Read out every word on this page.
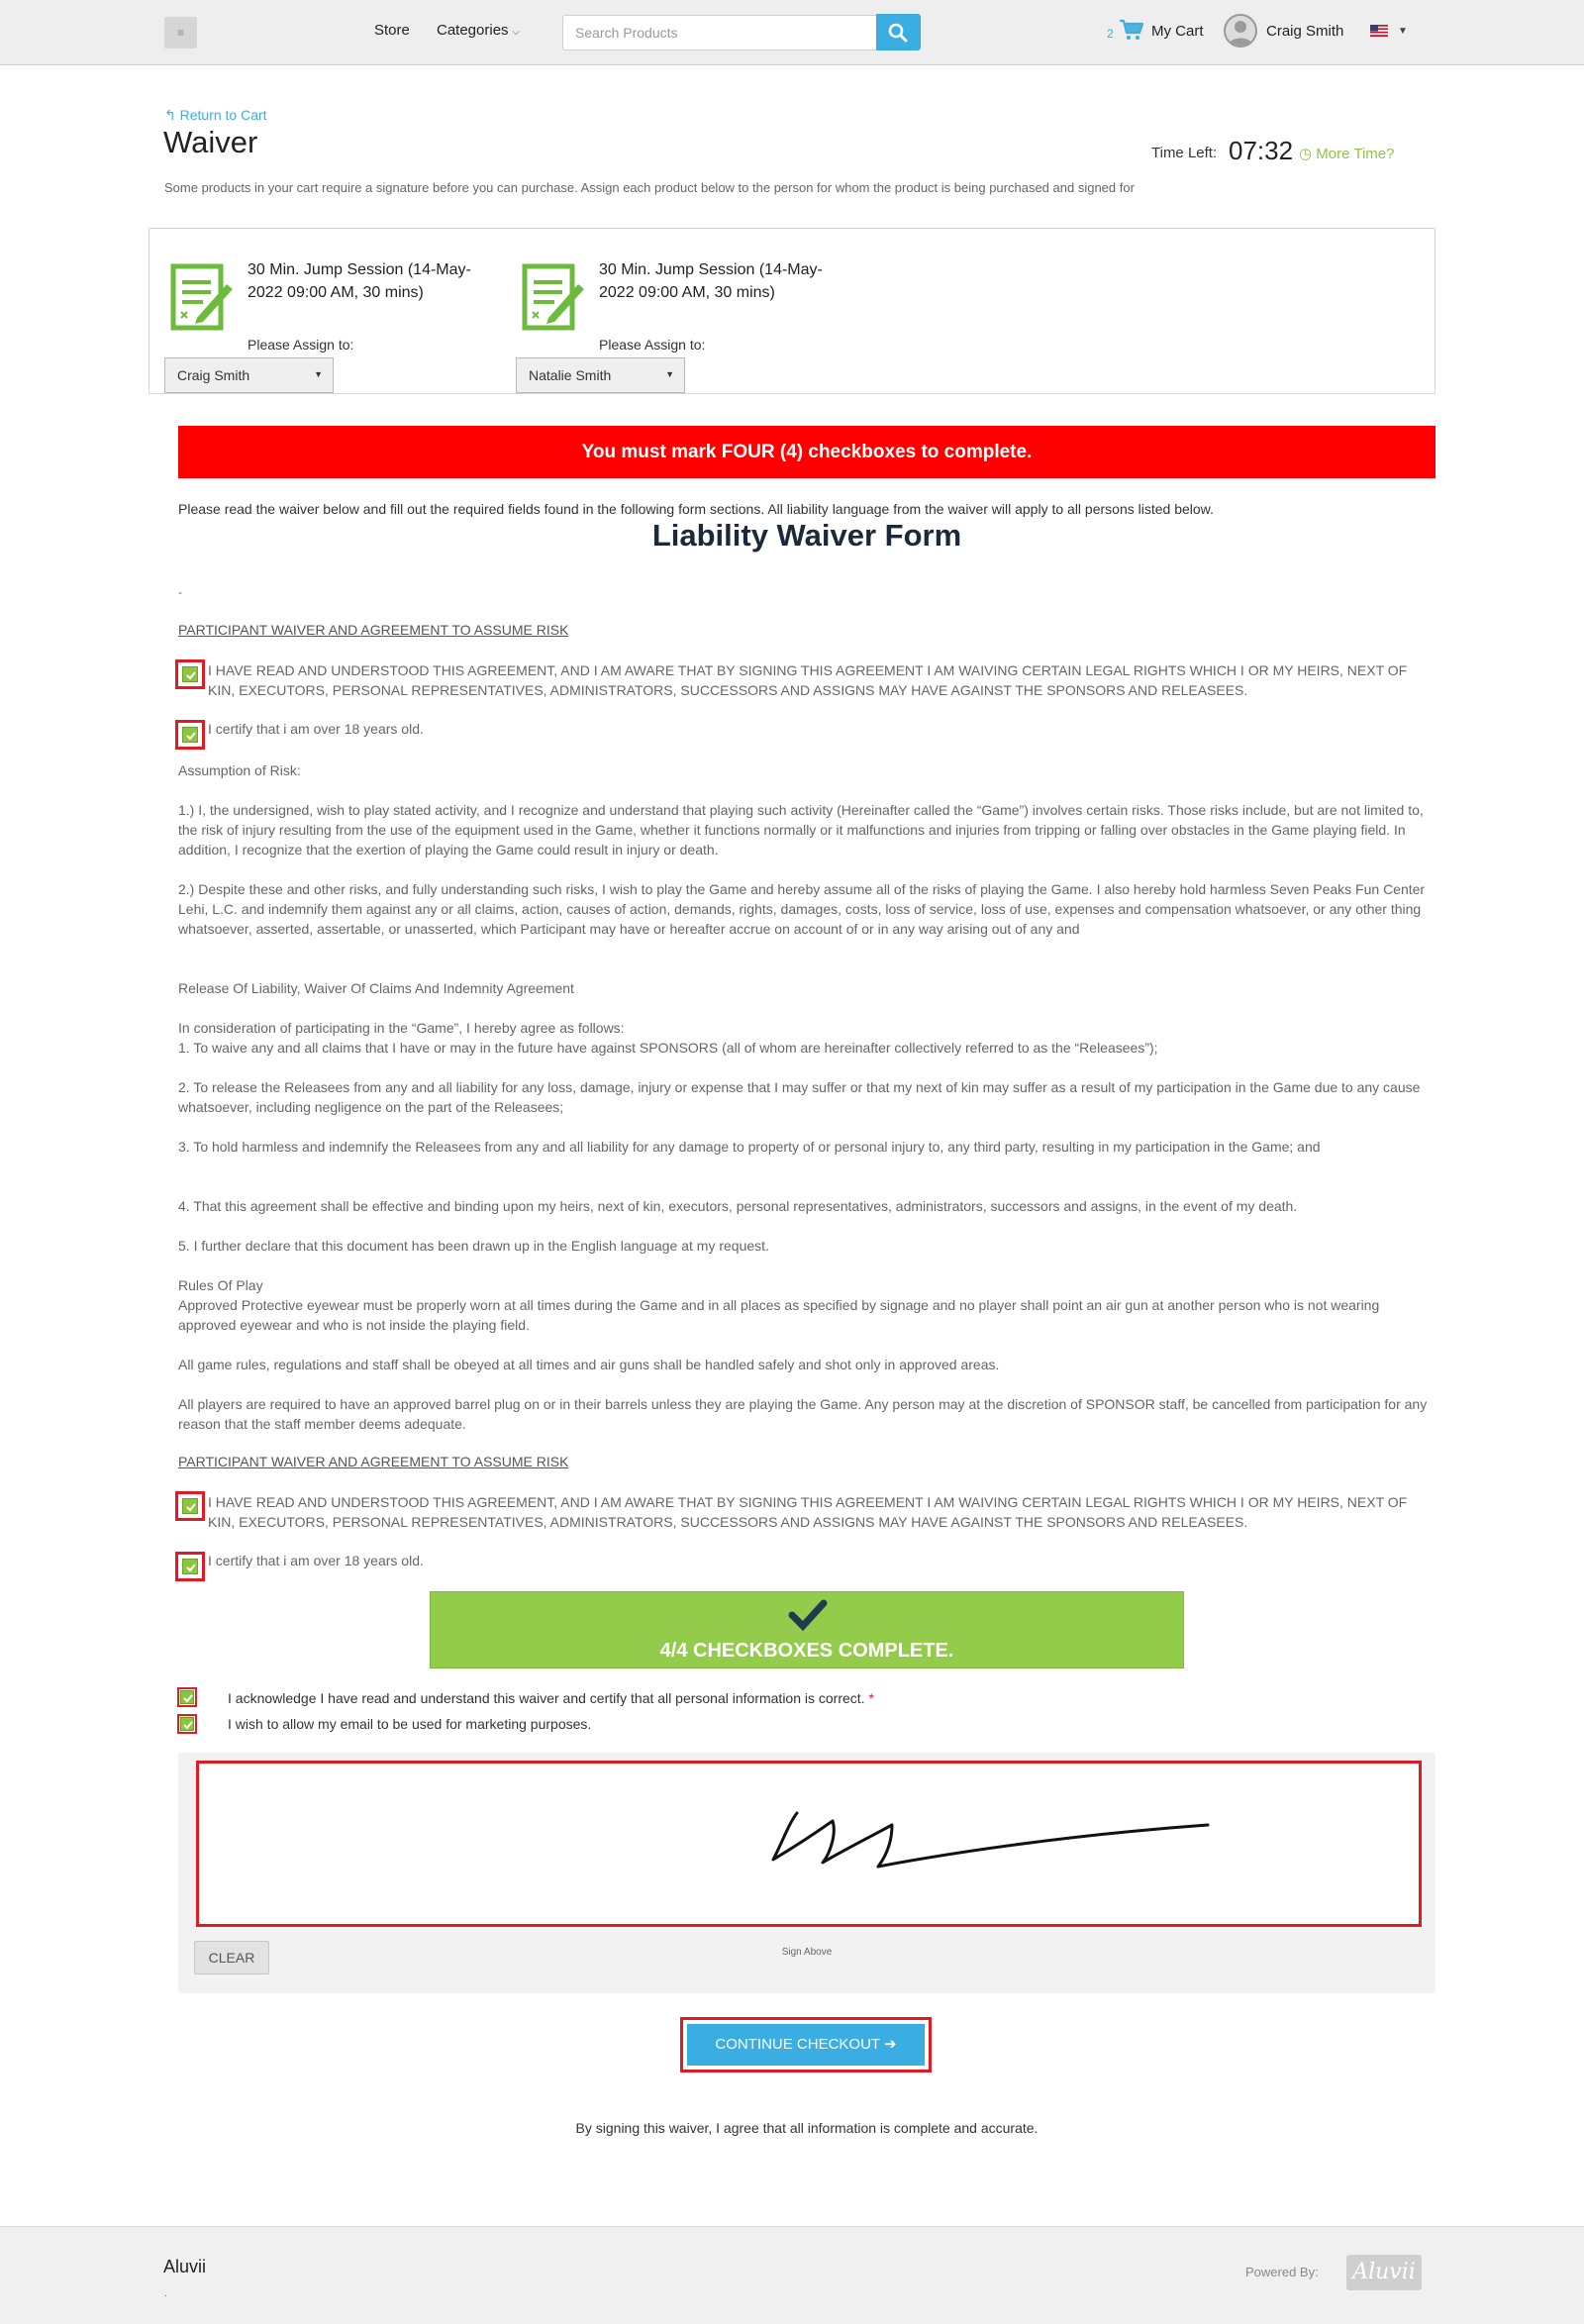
≡	Store Categories ⌵
Search Products	2	My Cart	Craig Smith	▼
↰ Return to Cart
Waiver	Time Left: 07:32 ◷ More Time?

Some products in your cart require a signature before you can purchase. Assign each product below to the person for whom the product is being purchased and signed for

30 Min. Jump Session (14-May-2022 09:00 AM, 30 mins)
Please Assign to:
Craig Smith	▼
30 Min. Jump Session (14-May-2022 09:00 AM, 30 mins)
Please Assign to:
Natalie Smith	▼
You must mark FOUR (4) checkboxes to complete.

Please read the waiver below and fill out the required fields found in the following form sections. All liability language from the waiver will apply to all persons listed below.

Liability Waiver Form
-
PARTICIPANT WAIVER AND AGREEMENT TO ASSUME RISK

I HAVE READ AND UNDERSTOOD THIS AGREEMENT, AND I AM AWARE THAT BY SIGNING THIS AGREEMENT I AM WAIVING CERTAIN LEGAL RIGHTS WHICH I OR MY HEIRS, NEXT OF KIN, EXECUTORS, PERSONAL REPRESENTATIVES, ADMINISTRATORS, SUCCESSORS AND ASSIGNS MAY HAVE AGAINST THE SPONSORS AND RELEASEES.

I certify that i am over 18 years old.

Assumption of Risk:

1.) I, the undersigned, wish to play stated activity, and I recognize and understand that playing such activity (Hereinafter called the “Game”) involves certain risks. Those risks include, but are not limited to, the risk of injury resulting from the use of the equipment used in the Game, whether it functions normally or it malfunctions and injuries from tripping or falling over obstacles in the Game playing field. In addition, I recognize that the exertion of playing the Game could result in injury or death.

2.) Despite these and other risks, and fully understanding such risks, I wish to play the Game and hereby assume all of the risks of playing the Game. I also hereby hold harmless Seven Peaks Fun Center Lehi, L.C. and indemnify them against any or all claims, action, causes of action, demands, rights, damages, costs, loss of service, loss of use, expenses and compensation whatsoever, or any other thing whatsoever, asserted, assertable, or unasserted, which Participant may have or hereafter accrue on account of or in any way arising out of any and

Release Of Liability, Waiver Of Claims And Indemnity Agreement

In consideration of participating in the “Game”, I hereby agree as follows:

1. To waive any and all claims that I have or may in the future have against SPONSORS (all of whom are hereinafter collectively referred to as the “Releasees”);

2. To release the Releasees from any and all liability for any loss, damage, injury or expense that I may suffer or that my next of kin may suffer as a result of my participation in the Game due to any cause whatsoever, including negligence on the part of the Releasees;

3. To hold harmless and indemnify the Releasees from any and all liability for any damage to property of or personal injury to, any third party, resulting in my participation in the Game; and

4. That this agreement shall be effective and binding upon my heirs, next of kin, executors, personal representatives, administrators, successors and assigns, in the event of my death.

5. I further declare that this document has been drawn up in the English language at my request.

Rules Of Play

Approved Protective eyewear must be properly worn at all times during the Game and in all places as specified by signage and no player shall point an air gun at another person who is not wearing approved eyewear and who is not inside the playing field.

All game rules, regulations and staff shall be obeyed at all times and air guns shall be handled safely and shot only in approved areas.

All players are required to have an approved barrel plug on or in their barrels unless they are playing the Game. Any person may at the discretion of SPONSOR staff, be cancelled from participation for any reason that the staff member deems adequate.

PARTICIPANT WAIVER AND AGREEMENT TO ASSUME RISK

I HAVE READ AND UNDERSTOOD THIS AGREEMENT, AND I AM AWARE THAT BY SIGNING THIS AGREEMENT I AM WAIVING CERTAIN LEGAL RIGHTS WHICH I OR MY HEIRS, NEXT OF KIN, EXECUTORS, PERSONAL REPRESENTATIVES, ADMINISTRATORS, SUCCESSORS AND ASSIGNS MAY HAVE AGAINST THE SPONSORS AND RELEASEES.

I certify that i am over 18 years old.

4/4 CHECKBOXES COMPLETE.

I acknowledge I have read and understand this waiver and certify that all personal information is correct. *

I wish to allow my email to be used for marketing purposes.

CLEAR	Sign Above
CONTINUE CHECKOUT ➔

By signing this waiver, I agree that all information is complete and accurate.

Aluvii
.
Powered By: Aluvii
